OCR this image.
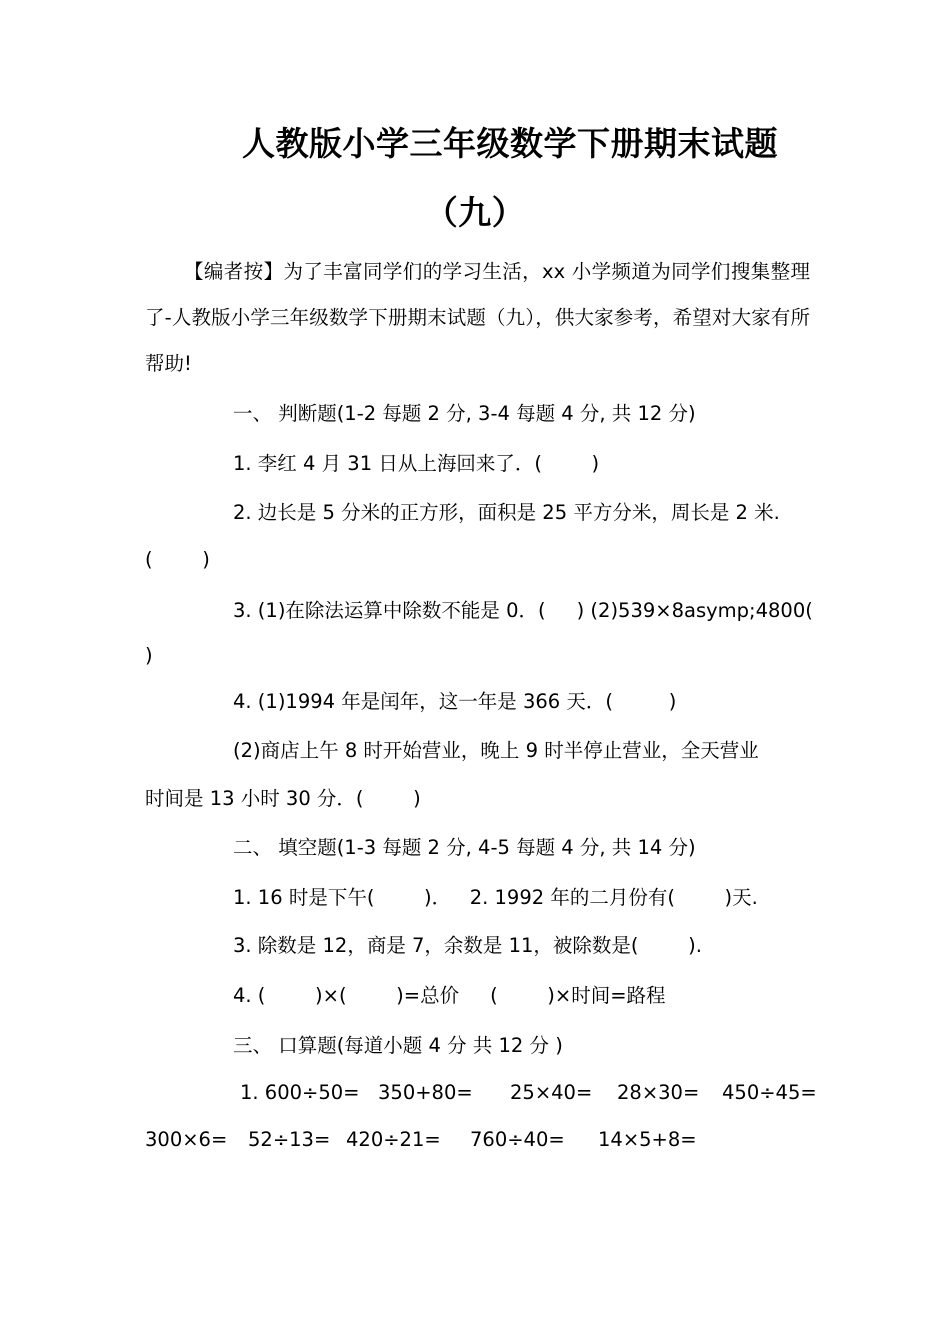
人教版小学三年级数学下册期末试题
（九）
【编者按】为了丰富同学们的学习生活，xx 小学频道为同学们搜集整理了-人教版小学三年级数学下册期末试题（九），供大家参考，希望对大家有所帮助!
一、 判断题(1-2 每题 2 分, 3-4 每题 4 分, 共 12 分)
1. 李红 4 月 31 日从上海回来了．(        )
2. 边长是 5 分米的正方形，面积是 25 平方分米，周长是 2 米.
(        )
3. (1)在除法运算中除数不能是 0．(     ) (2)539×8asymp;4800(
)
4. (1)1994 年是闰年，这一年是 366 天．(         )
(2)商店上午 8 时开始营业，晚上 9 时半停止营业，全天营业
时间是 13 小时 30 分．(        )
二、 填空题(1-3 每题 2 分, 4-5 每题 4 分, 共 14 分)
1. 16 时是下午(        )．   2. 1992 年的二月份有(        )天.
3. 除数是 12，商是 7，余数是 11，被除数是(        ).
4. (        )×(        )=总价     (        )×时间=路程
三、 口算题(每道小题 4 分 共 12 分 )
1. 600÷50= 350+80= 25×40= 28×30= 450÷45=
300×6= 52÷13= 420÷21= 760÷40= 14×5+8=
